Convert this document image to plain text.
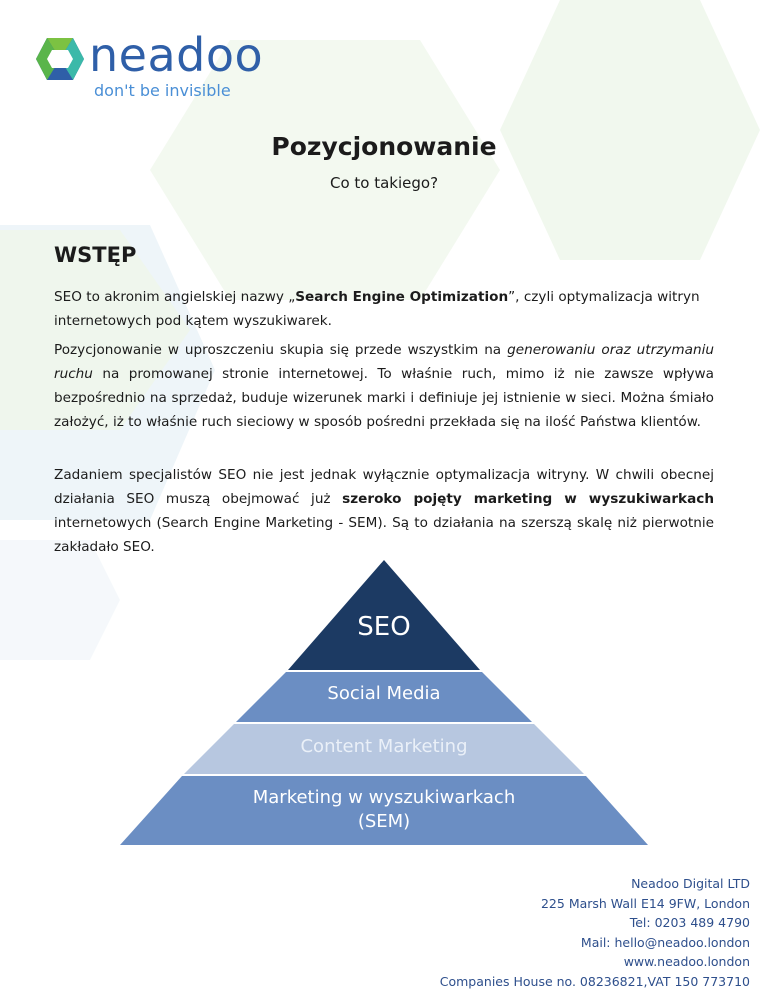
neadoo
don't be invisible
Pozycjonowanie
Co to takiego?
WSTĘP
SEO to akronim angielskiej nazwy „Search Engine Optimization”, czyli optymalizacja witryn internetowych pod kątem wyszukiwarek.
Pozycjonowanie w uproszczeniu skupia się przede wszystkim na generowaniu oraz utrzymaniu ruchu na promowanej stronie internetowej. To właśnie ruch, mimo iż nie zawsze wpływa bezpośrednio na sprzedaż, buduje wizerunek marki i definiuje jej istnienie w sieci. Można śmiało założyć, iż to właśnie ruch sieciowy w sposób pośredni przekłada się na ilość Państwa klientów.
Zadaniem specjalistów SEO nie jest jednak wyłącznie optymalizacja witryny. W chwili obecnej działania SEO muszą obejmować już szeroko pojęty marketing w wyszukiwarkach internetowych (Search Engine Marketing - SEM). Są to działania na szerszą skalę niż pierwotnie zakładało SEO.
SEO
Social Media
Content Marketing
Marketing w wyszukiwarkach
(SEM)
Neadoo Digital LTD
225 Marsh Wall E14 9FW, London
Tel: 0203 489 4790
Mail: hello@neadoo.london
www.neadoo.london
Companies House no. 08236821,VAT 150 773710
